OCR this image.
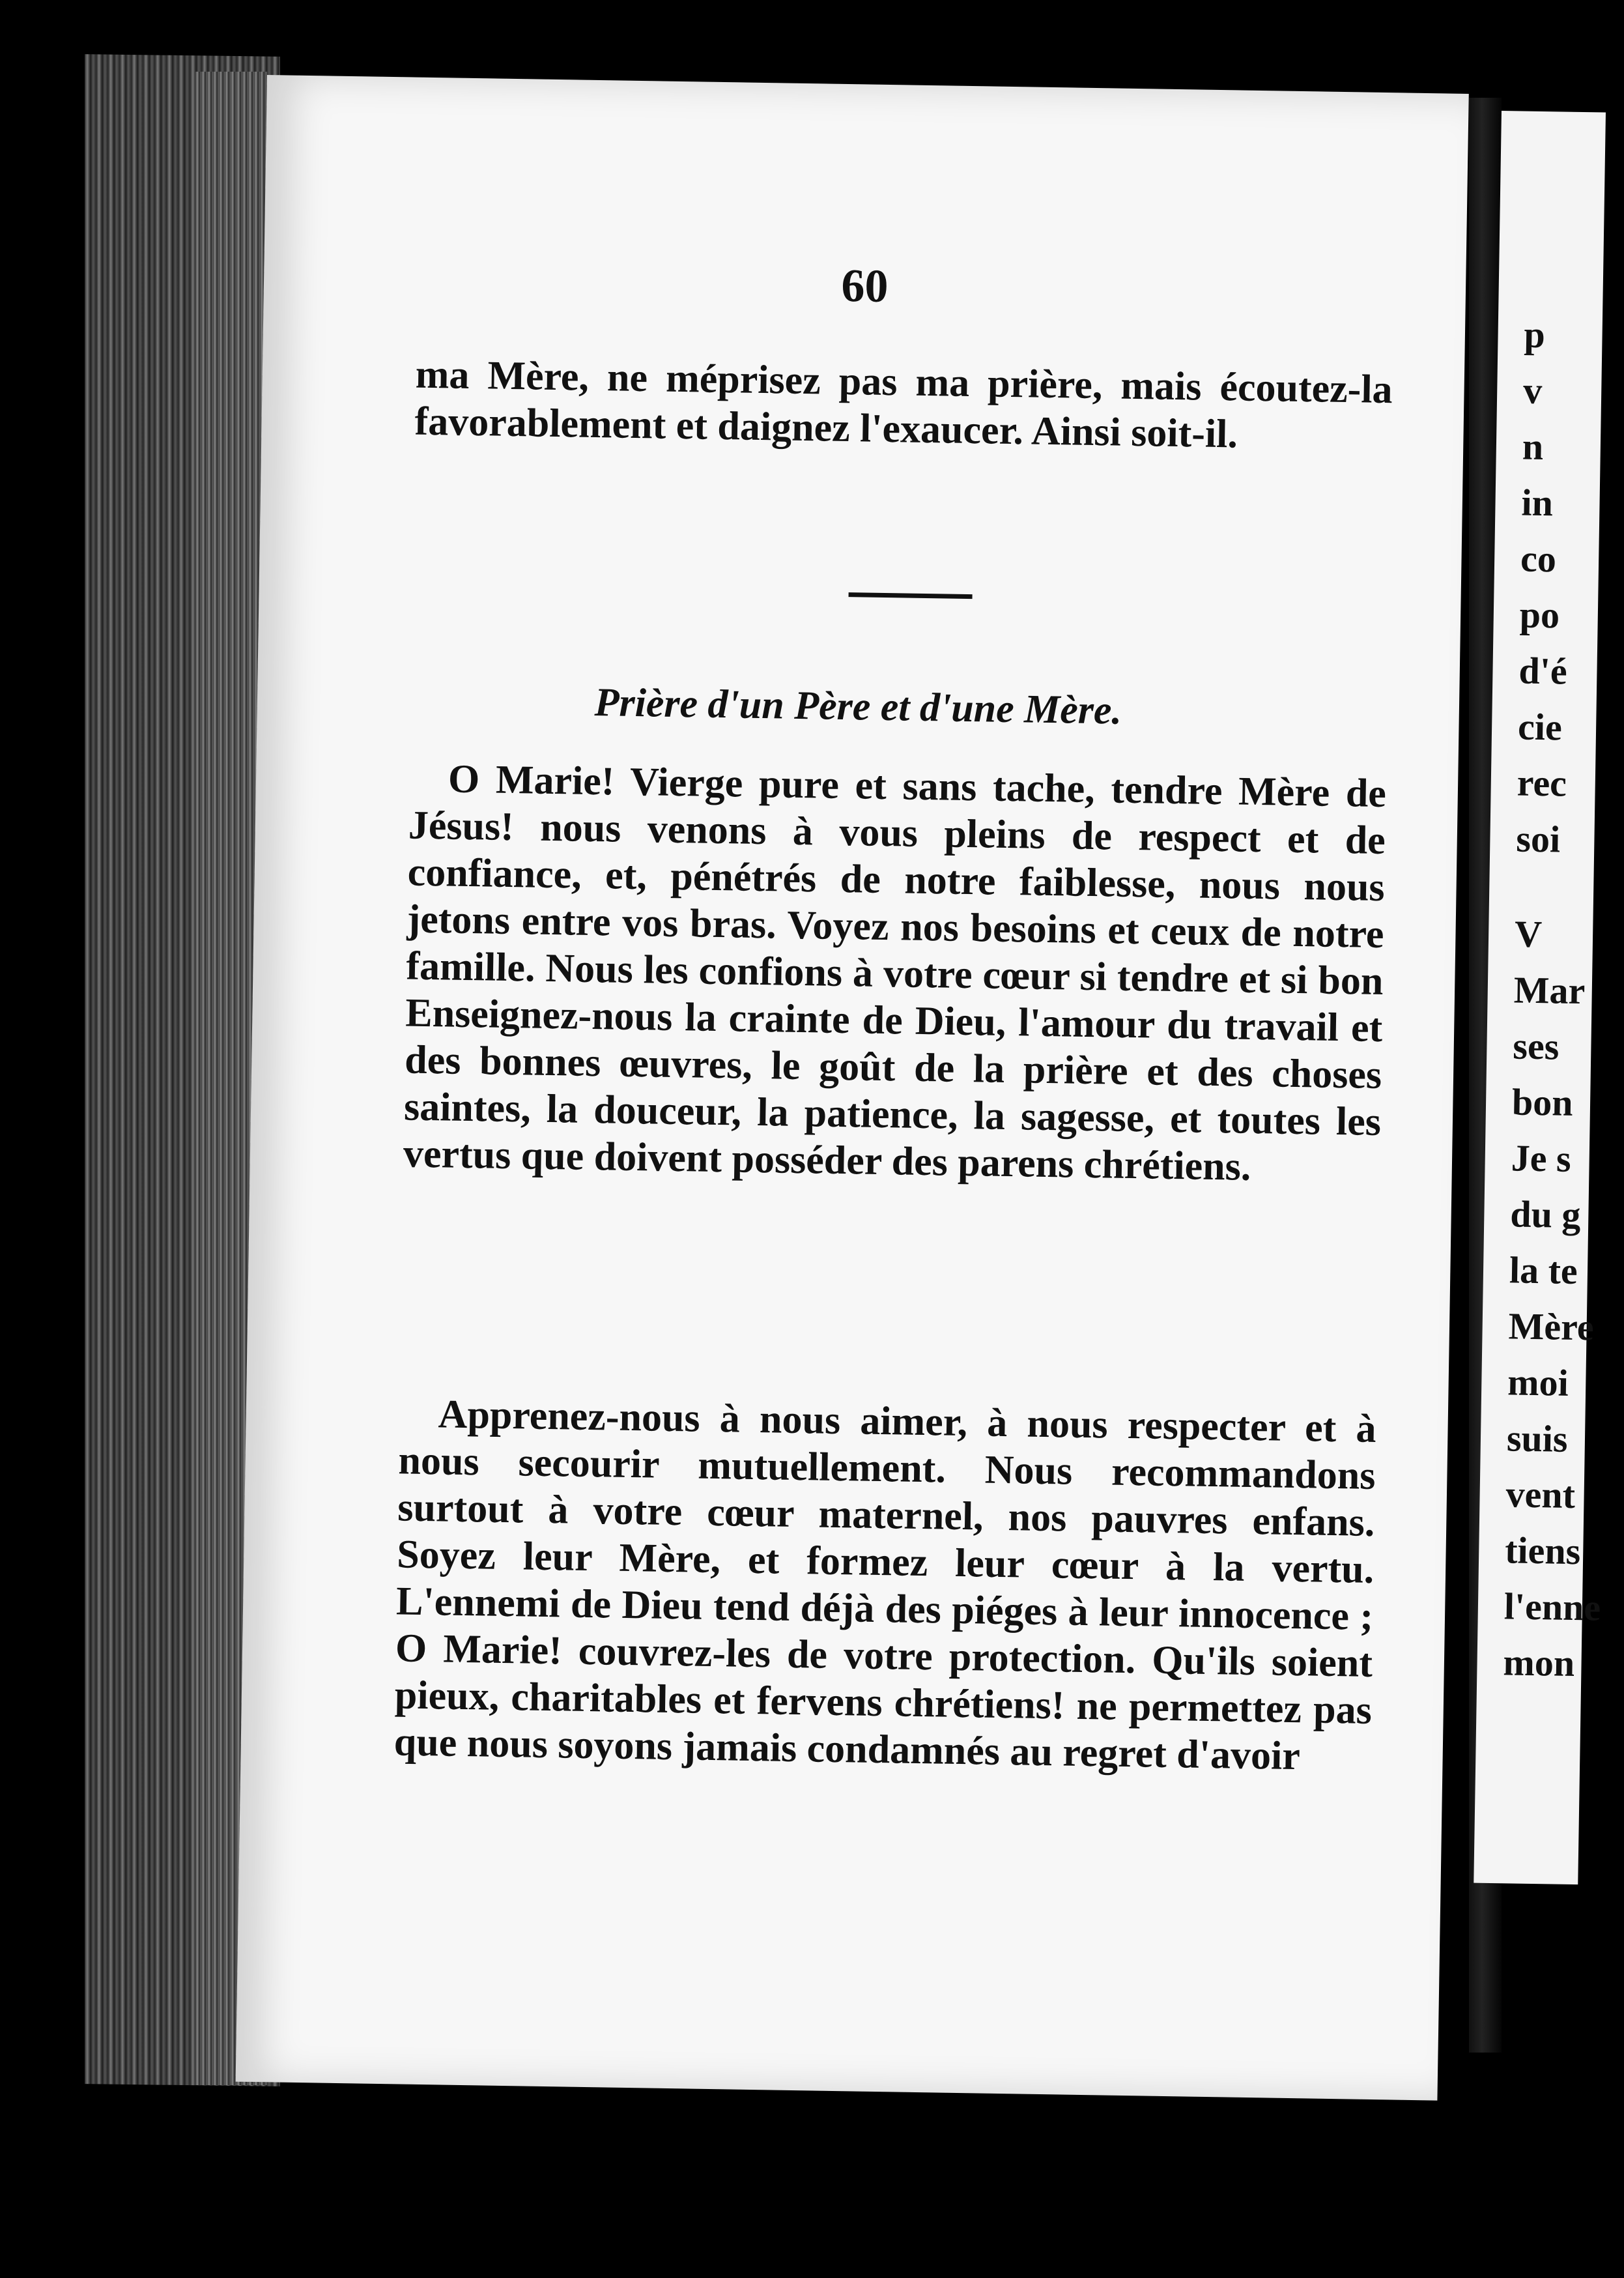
60
ma Mère, ne méprisez pas ma prière, mais écoutez-la favorablement et daignez l'exaucer. Ainsi soit-il.
Prière d'un Père et d'une Mère.
O Marie! Vierge pure et sans tache, tendre Mère de Jésus! nous venons à vous pleins de respect et de confiance, et, pénétrés de notre faiblesse, nous nous jetons entre vos bras. Voyez nos besoins et ceux de notre famille. Nous les confions à votre cœur si tendre et si bon Enseignez-nous la crainte de Dieu, l'amour du travail et des bonnes œuvres, le goût de la prière et des choses saintes, la douceur, la patience, la sagesse, et toutes les vertus que doivent posséder des parens chrétiens.
Apprenez-nous à nous aimer, à nous respecter et à nous secourir mutuellement. Nous recommandons surtout à votre cœur maternel, nos pauvres enfans. Soyez leur Mère, et formez leur cœur à la vertu. L'ennemi de Dieu tend déjà des piéges à leur innocence ; O Marie! couvrez-les de votre protection. Qu'ils soient pieux, charitables et fervens chrétiens! ne permettez pas que nous soyons jamais condamnés au regret d'avoir
p
v
n
in
co
po
d'é
cie
rec
soi
V
Mar
ses
bon
Je s
du g
la te
Mère
moi
suis
vent
tiens
l'enne
mon
